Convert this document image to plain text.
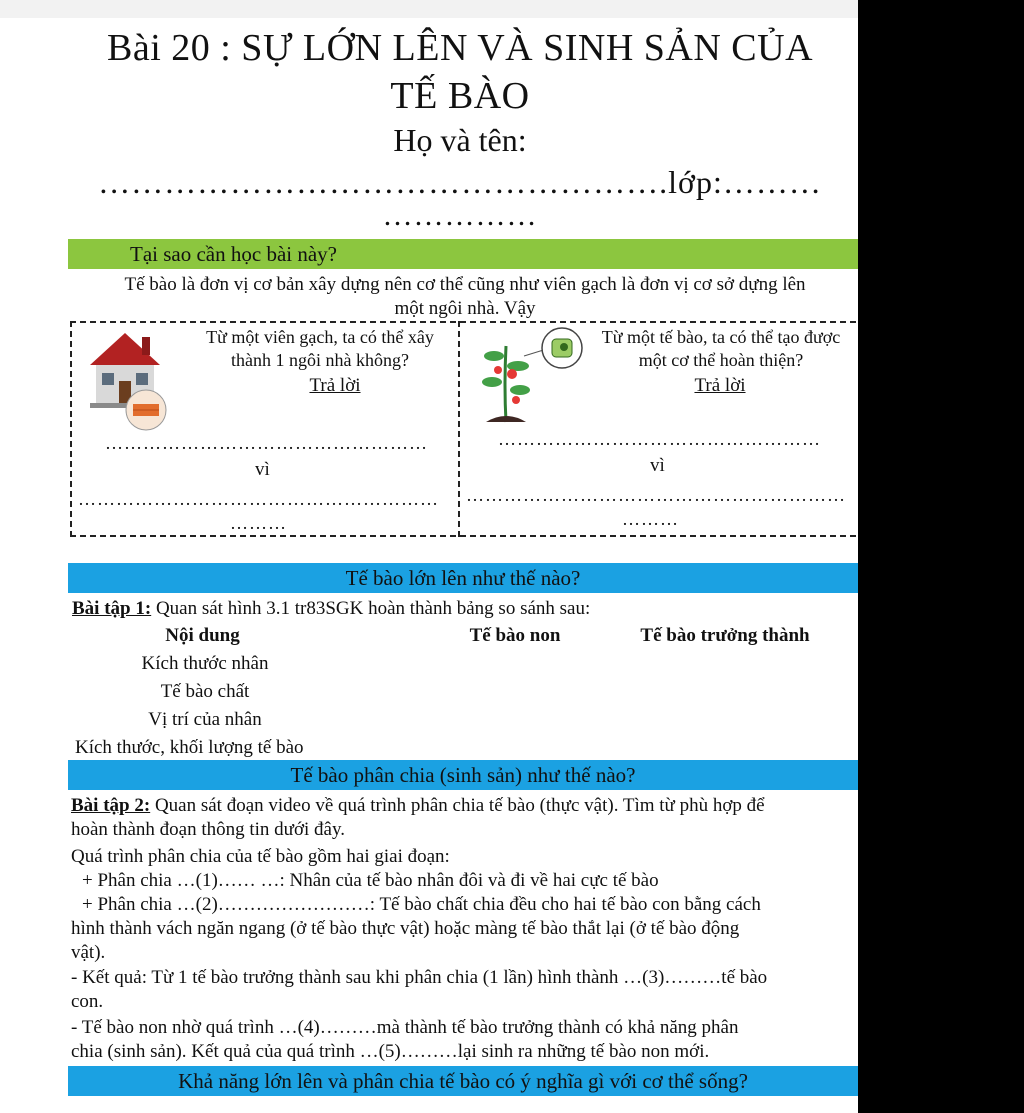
Bài 20 : SỰ LỚN LÊN VÀ SINH SẢN CỦA
TẾ BÀO
Họ và tên:
…………………………………………….lớp:………
……………
Tại sao cần học bài này?
Tế bào là đơn vị cơ bản xây dựng nên cơ thể cũng như viên gạch là đơn vị cơ sở dựng lên
một ngôi nhà. Vậy
Từ một viên gạch, ta có thể xây
thành 1 ngôi nhà không?
Trả lời
……………………………………………
vì
…………………………………………………
………
Từ một tế bào, ta có thể tạo được
một cơ thể hoàn thiện?
Trả lời
……………………………………………
vì
……………………………………………………
………
Tế bào lớn lên như thế nào?
Bài tập 1: Quan sát hình 3.1 tr83SGK hoàn thành bảng so sánh sau:
Nội dung	Tế bào non	Tế bào trưởng thành
Kích thước nhân
Tế bào chất
Vị trí của nhân
Kích thước, khối lượng tế bào
Tế bào phân chia (sinh sản) như thế nào?
Bài tập 2: Quan sát đoạn video về quá trình phân chia tế bào (thực vật). Tìm từ phù hợp để
hoàn thành đoạn thông tin dưới đây.
Quá trình phân chia của tế bào gồm hai giai đoạn:
+ Phân chia …(1)…… …: Nhân của tế bào nhân đôi và đi về hai cực tế bào
+ Phân chia …(2)……………………: Tế bào chất chia đều cho hai tế bào con bằng cách
hình thành vách ngăn ngang (ở tế bào thực vật) hoặc màng tế bào thắt lại (ở tế bào động
vật).
- Kết quả: Từ 1 tế bào trưởng thành sau khi phân chia (1 lần) hình thành …(3)………tế bào
con.
- Tế bào non nhờ quá trình …(4)………mà thành tế bào trưởng thành có khả năng phân
chia (sinh sản). Kết quả của quá trình …(5)………lại sinh ra những tế bào non mới.
Khả năng lớn lên và phân chia tế bào có ý nghĩa gì với cơ thể sống?
